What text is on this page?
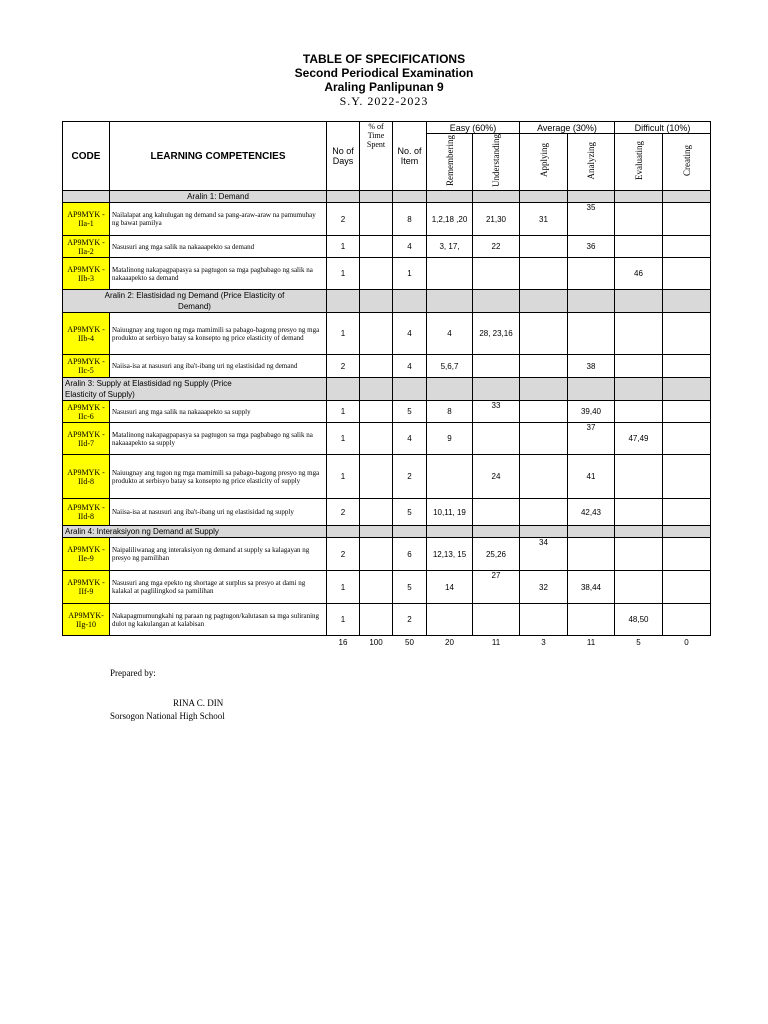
TABLE OF SPECIFICATIONS
Second Periodical Examination
Araling Panlipunan 9
S.Y. 2022-2023
CODE	LEARNING COMPETENCIES	No of Days	% of Time Spent	No. of Item	Easy (60%)		Average (30%)		Difficult (10%)	
					Remembering	Understanding	Applying	Analyzing	Evaluating	Creating
	Aralin 1: Demand									
AP9MYK - IIa-1	Nailalapat ang kahulugan ng demand sa pang-araw-araw na pamumuhay ng bawat pamilya	2		8	1,2,18 ,20	21,30	31	35		
AP9MYK - IIa-2	Nasusuri ang mga salik na nakaaapekto sa demand	1		4	3, 17,	22		36		
AP9MYK - IIb-3	Matalinong nakapagpapasya sa pagtugon sa mga pagbabago ng salik na nakaaapekto sa demand	1		1					46	
Aralin 2: Elastisidad ng Demand (Price Elasticity of Demand)										
AP9MYK - IIb-4	Naiuugnay ang tugon ng mga mamimili sa pabago-bagong presyo ng mga produkto at serbisyo batay sa konsepto ng price elasticity of demand	1		4	4	28, 23,16				
AP9MYK - IIc-5	Naiisa-isa at nasusuri ang iba't-ibang uri ng elastisidad ng demand	2		4	5,6,7			38		
Aralin 3: Supply at Elastisidad ng Supply (Price Elasticity of Supply)										
AP9MYK - IIc-6	Nasusuri ang mga salik na nakaaapekto sa supply	1		5	8	33		39,40		
AP9MYK - IId-7	Matalinong nakapagpapasya sa pagtugon sa mga pagbabago ng salik na nakaaapekto sa supply	1		4	9			37	47,49	
AP9MYK - IId-8	Naiuugnay ang tugon ng mga mamimili sa pabago-bagong presyo ng mga produkto at serbisyo batay sa konsepto ng price elasticity of supply	1		2		24		41		
AP9MYK - IId-8	Naiisa-isa at nasusuri ang iba't-ibang uri ng elastisidad ng supply	2		5	10,11, 19			42,43		
Aralin 4: Interaksiyon ng Demand at Supply										
AP9MYK - IIe-9	Naipaliliwanag ang interaksiyon ng demand at supply sa kalagayan ng presyo ng pamilihan	2		6	12,13, 15	25,26	34			
AP9MYK - IIf-9	Nasusuri ang mga epekto ng shortage at surplus sa presyo at dami ng kalakal at paglilingkod sa pamilihan	1		5	14	27	32	38,44		
AP9MYK- IIg-10	Nakapagmumungkahi ng paraan ng pagtugon/kalutasan sa mga suliraning dulot ng kakulangan at kalabisan	1		2					48,50	
		16	100	50	20	11	3	11	5	0
Prepared by:
RINA C. DIN
Sorsogon National High School
